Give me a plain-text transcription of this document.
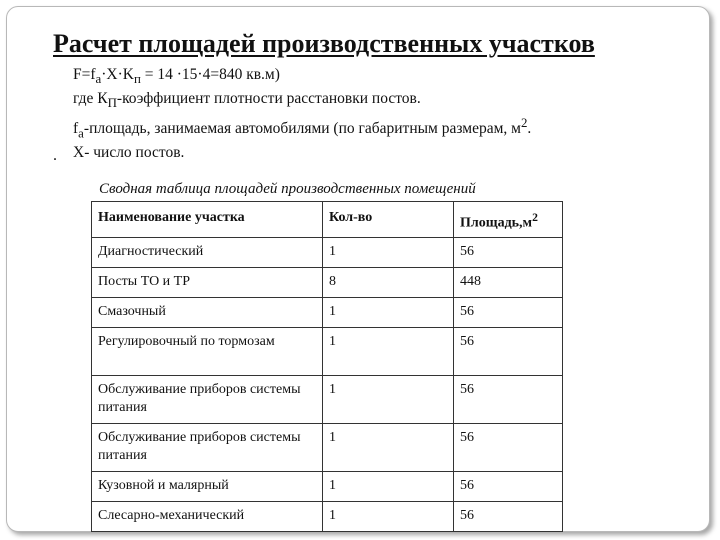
Расчет площадей производственных участков
$F=f_a\cdot X\cdot K_п = 14 \cdot 15\cdot 4=840$ кв.м)
где $К_П$-коэффициент плотности расстановки постов.
$f_a$-площадь, занимаемая автомобилями (по габаритным размерам, $м^2$.
X- число постов.
.
Сводная таблица площадей производственных помещений
Наименование участка	Кол-во	$Площадь,м^2$
Диагностический	1	56
Посты ТО и ТР	8	448
Смазочный	1	56
Регулировочный по тормозам	1	56
Обслуживание приборов системы питания	1	56
Обслуживание приборов системы питания	1	56
Кузовной и малярный	1	56
Слесарно-механический	1	56
